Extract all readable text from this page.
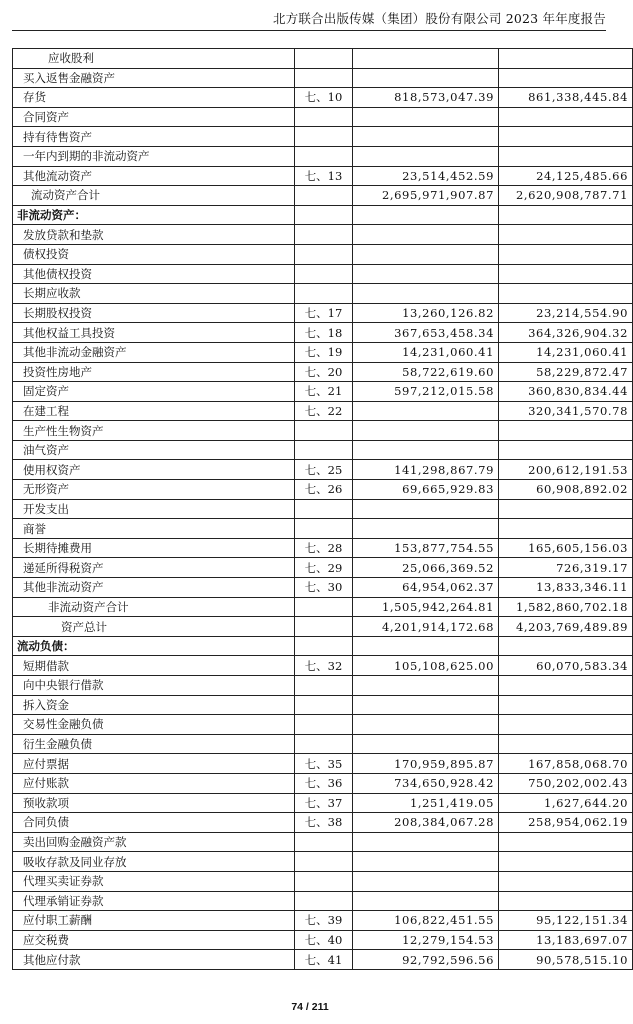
北方联合出版传媒（集团）股份有限公司 2023 年年度报告
应收股利			
买入返售金融资产			
存货	七、10	818,573,047.39	861,338,445.84
合同资产			
持有待售资产			
一年内到期的非流动资产			
其他流动资产	七、13	23,514,452.59	24,125,485.66
流动资产合计		2,695,971,907.87	2,620,908,787.71
非流动资产：			
发放贷款和垫款			
债权投资			
其他债权投资			
长期应收款			
长期股权投资	七、17	13,260,126.82	23,214,554.90
其他权益工具投资	七、18	367,653,458.34	364,326,904.32
其他非流动金融资产	七、19	14,231,060.41	14,231,060.41
投资性房地产	七、20	58,722,619.60	58,229,872.47
固定资产	七、21	597,212,015.58	360,830,834.44
在建工程	七、22		320,341,570.78
生产性生物资产			
油气资产			
使用权资产	七、25	141,298,867.79	200,612,191.53
无形资产	七、26	69,665,929.83	60,908,892.02
开发支出			
商誉			
长期待摊费用	七、28	153,877,754.55	165,605,156.03
递延所得税资产	七、29	25,066,369.52	726,319.17
其他非流动资产	七、30	64,954,062.37	13,833,346.11
非流动资产合计		1,505,942,264.81	1,582,860,702.18
资产总计		4,201,914,172.68	4,203,769,489.89
流动负债：			
短期借款	七、32	105,108,625.00	60,070,583.34
向中央银行借款			
拆入资金			
交易性金融负债			
衍生金融负债			
应付票据	七、35	170,959,895.87	167,858,068.70
应付账款	七、36	734,650,928.42	750,202,002.43
预收款项	七、37	1,251,419.05	1,627,644.20
合同负债	七、38	208,384,067.28	258,954,062.19
卖出回购金融资产款			
吸收存款及同业存放			
代理买卖证券款			
代理承销证券款			
应付职工薪酬	七、39	106,822,451.55	95,122,151.34
应交税费	七、40	12,279,154.53	13,183,697.07
其他应付款	七、41	92,792,596.56	90,578,515.10
74 / 211
